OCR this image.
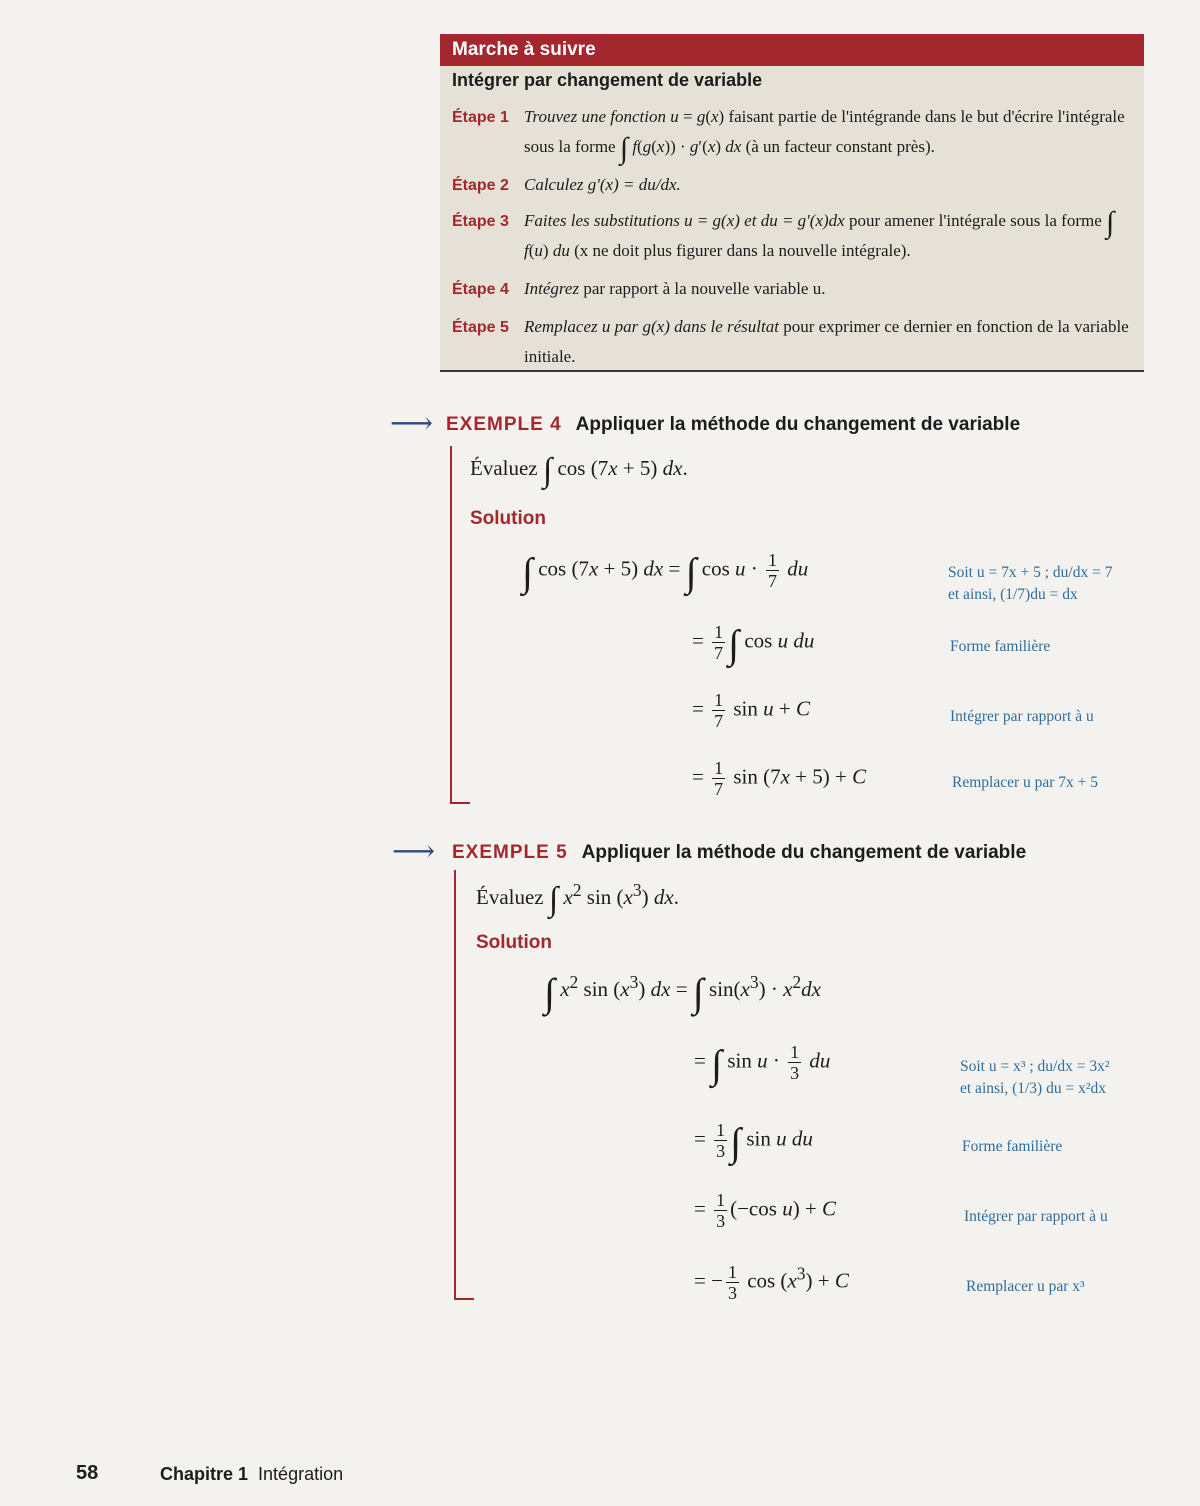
Marche à suivre
Intégrer par changement de variable
Étape 1 Trouvez une fonction u = g(x) faisant partie de l'intégrande dans le but d'écrire l'intégrale sous la forme ∫ f(g(x)) · g′(x) dx (à un facteur constant près).
Étape 2 Calculez g'(x) = du/dx.
Étape 3 Faites les substitutions u = g(x) et du = g'(x)dx pour amener l'intégrale sous la forme ∫ f(u) du (x ne doit plus figurer dans la nouvelle intégrale).
Étape 4 Intégrez par rapport à la nouvelle variable u.
Étape 5 Remplacez u par g(x) dans le résultat pour exprimer ce dernier en fonction de la variable initiale.
⟶ EXEMPLE 4 Appliquer la méthode du changement de variable
Évaluez ∫ cos (7x + 5) dx.
Solution
∫ cos (7x + 5) dx = ∫ $\cos u \cdot \frac{1}{7}$ du	Soit u = 7x + 5 ; du/dx = 7
et ainsi, (1/7)du = dx
= $\frac{1}{7}$ ∫ cos u du	Forme familière
= $\frac{1}{7}$ sin u + C	Intégrer par rapport à u
= $\frac{1}{7}$ sin (7x + 5) + C	Remplacer u par 7x + 5
⟶ EXEMPLE 5 Appliquer la méthode du changement de variable
Évaluez ∫ $x^2$ $\sin (x^3)$ dx.
Solution
∫ $x^2$ $\sin (x^3)$ dx = ∫ $\sin(x^3) \cdot x^2dx$
= ∫ $\sin u \cdot \frac{1}{3}$ du	Soit u = x³ ; du/dx = 3x²
et ainsi, (1/3) du = x²dx
= $\frac{1}{3}$ ∫ sin u du	Forme familière
= $\frac{1}{3} (-\cos$ u) + C	Intégrer par rapport à u
= − $\frac{1}{3}$ $\cos (x^3) + C$	Remplacer u par x³
58	Chapitre 1 Intégration
